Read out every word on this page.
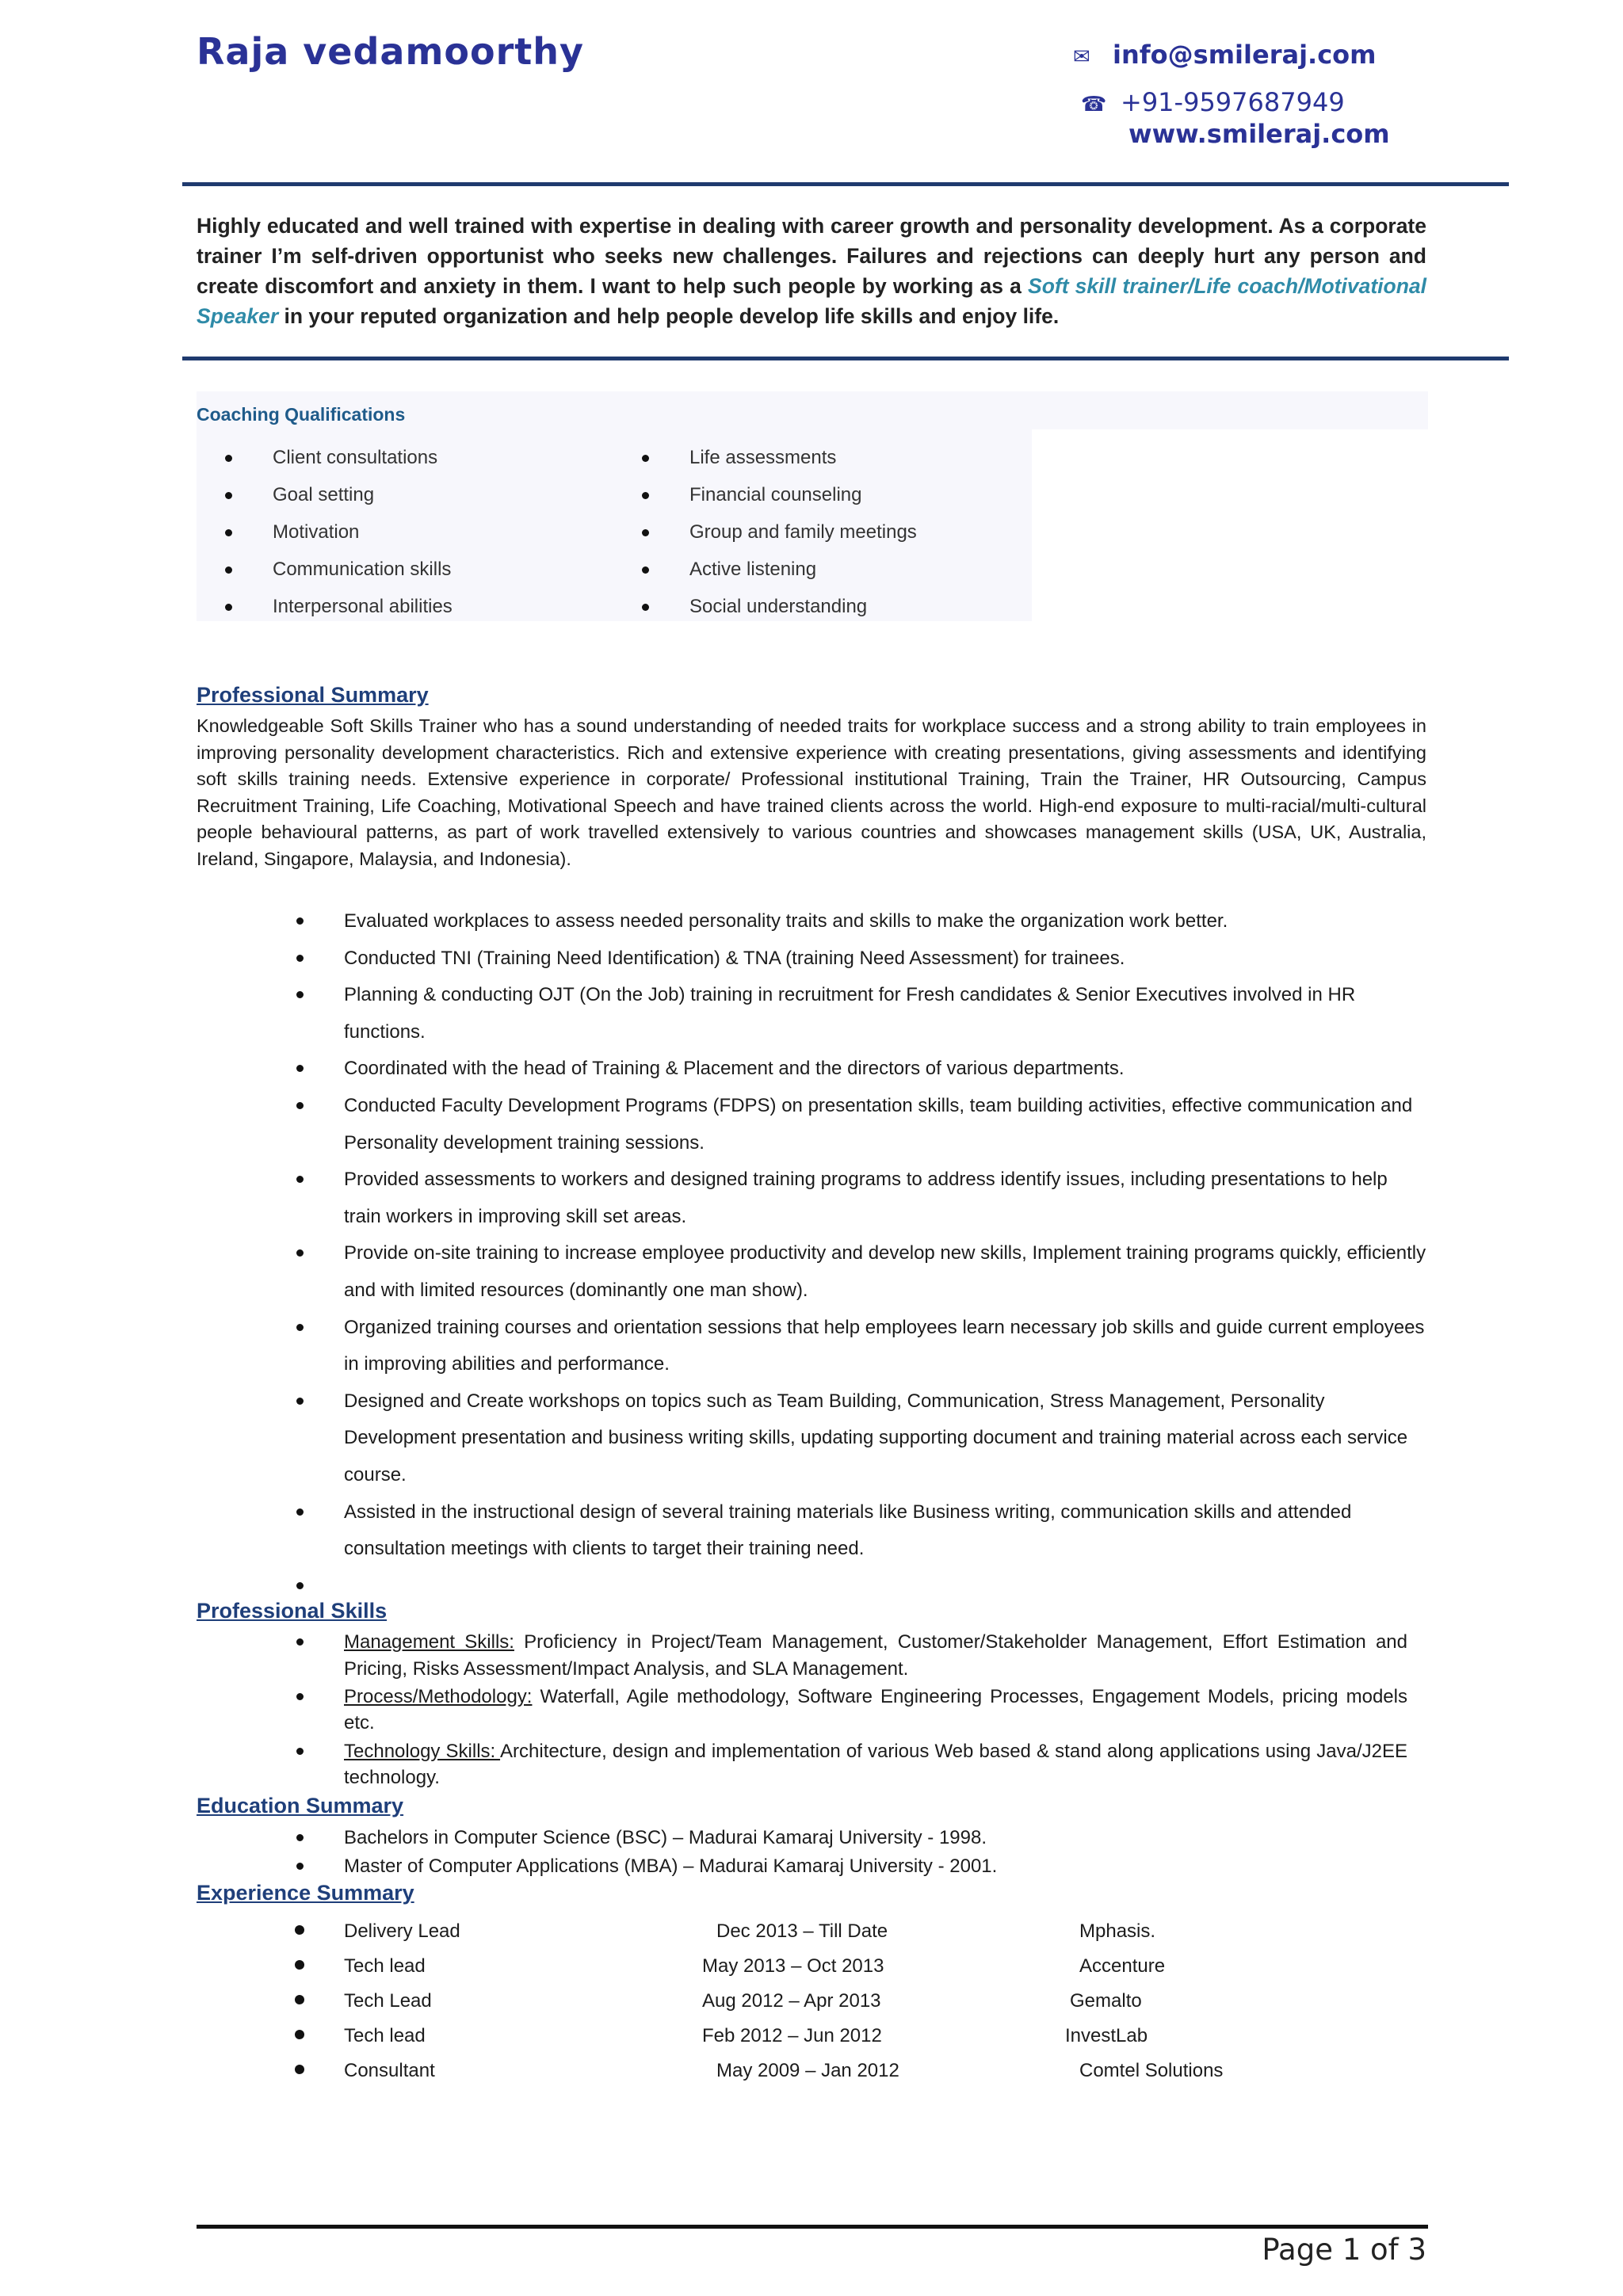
Raja vedamoorthy	✉ info@smileraj.com
☎ +91-9597687949
www.smileraj.com
Highly educated and well trained with expertise in dealing with career growth and personality development. As a corporate trainer I’m self-driven opportunist who seeks new challenges. Failures and rejections can deeply hurt any person and create discomfort and anxiety in them. I want to help such people by working as a Soft skill trainer/Life coach/Motivational Speaker in your reputed organization and help people develop life skills and enjoy life.
Coaching Qualifications
Client consultations
Goal setting
Motivation
Communication skills
Interpersonal abilities
Life assessments
Financial counseling
Group and family meetings
Active listening
Social understanding
Professional Summary
Knowledgeable Soft Skills Trainer who has a sound understanding of needed traits for workplace success and a strong ability to train employees in improving personality development characteristics. Rich and extensive experience with creating presentations, giving assessments and identifying soft skills training needs. Extensive experience in corporate/ Professional institutional Training, Train the Trainer, HR Outsourcing, Campus Recruitment Training, Life Coaching, Motivational Speech and have trained clients across the world. High-end exposure to multi-racial/multi-cultural people behavioural patterns, as part of work travelled extensively to various countries and showcases management skills (USA, UK, Australia, Ireland, Singapore, Malaysia, and Indonesia).
Evaluated workplaces to assess needed personality traits and skills to make the organization work better.
Conducted TNI (Training Need Identification) & TNA (training Need Assessment) for trainees.
Planning & conducting OJT (On the Job) training in recruitment for Fresh candidates & Senior Executives involved in HR functions.
Coordinated with the head of Training & Placement and the directors of various departments.
Conducted Faculty Development Programs (FDPS) on presentation skills, team building activities, effective communication and Personality development training sessions.
Provided assessments to workers and designed training programs to address identify issues, including presentations to help train workers in improving skill set areas.
Provide on-site training to increase employee productivity and develop new skills, Implement training programs quickly, efficiently and with limited resources (dominantly one man show).
Organized training courses and orientation sessions that help employees learn necessary job skills and guide current employees in improving abilities and performance.
Designed and Create workshops on topics such as Team Building, Communication, Stress Management, Personality Development presentation and business writing skills, updating supporting document and training material across each service course.
Assisted in the instructional design of several training materials like Business writing, communication skills and attended consultation meetings with clients to target their training need.
Professional Skills
Management Skills: Proficiency in Project/Team Management, Customer/Stakeholder Management, Effort Estimation and Pricing, Risks Assessment/Impact Analysis, and SLA Management.
Process/Methodology: Waterfall, Agile methodology, Software Engineering Processes, Engagement Models, pricing models etc.
Technology Skills: Architecture, design and implementation of various Web based & stand along applications using Java/J2EE technology.
Education Summary
Bachelors in Computer Science (BSC) – Madurai Kamaraj University - 1998.
Master of Computer Applications (MBA) – Madurai Kamaraj University - 2001.
Experience Summary
Delivery Lead	Dec 2013 – Till Date	Mphasis.
Tech lead	May 2013 – Oct 2013	Accenture
Tech Lead	Aug 2012 – Apr 2013	Gemalto
Tech lead	Feb 2012 – Jun 2012	InvestLab
Consultant	May 2009 – Jan 2012	Comtel Solutions
Page 1 of 3
